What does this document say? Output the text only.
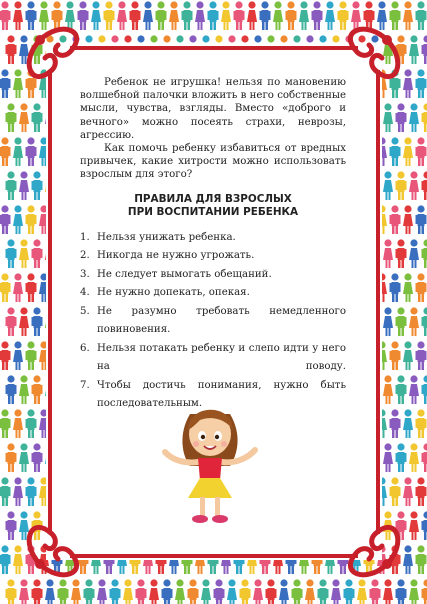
Ребенок не игрушка! нельзя по мановению волшебной палочки вложить в него собственные мысли, чувства, взгляды. Вместо «доброго и вечного» можно посеять страхи, неврозы, агрессию.

Как помочь ребенку избавиться от вредных привычек, какие хитрости можно использовать взрослым для этого?

ПРАВИЛА ДЛЯ ВЗРОСЛЫХ
ПРИ ВОСПИТАНИИ РЕБЕНКА
1. Нельзя унижать ребенка.
2. Никогда не нужно угрожать.
3. Не следует вымогать обещаний.
4. Не нужно допекать, опекая.
5. Не разумно требовать немедленного повиновения.
6. Нельзя потакать ребенку и слепо идти у него на поводу.
7. Чтобы достичь понимания, нужно быть последовательным.
